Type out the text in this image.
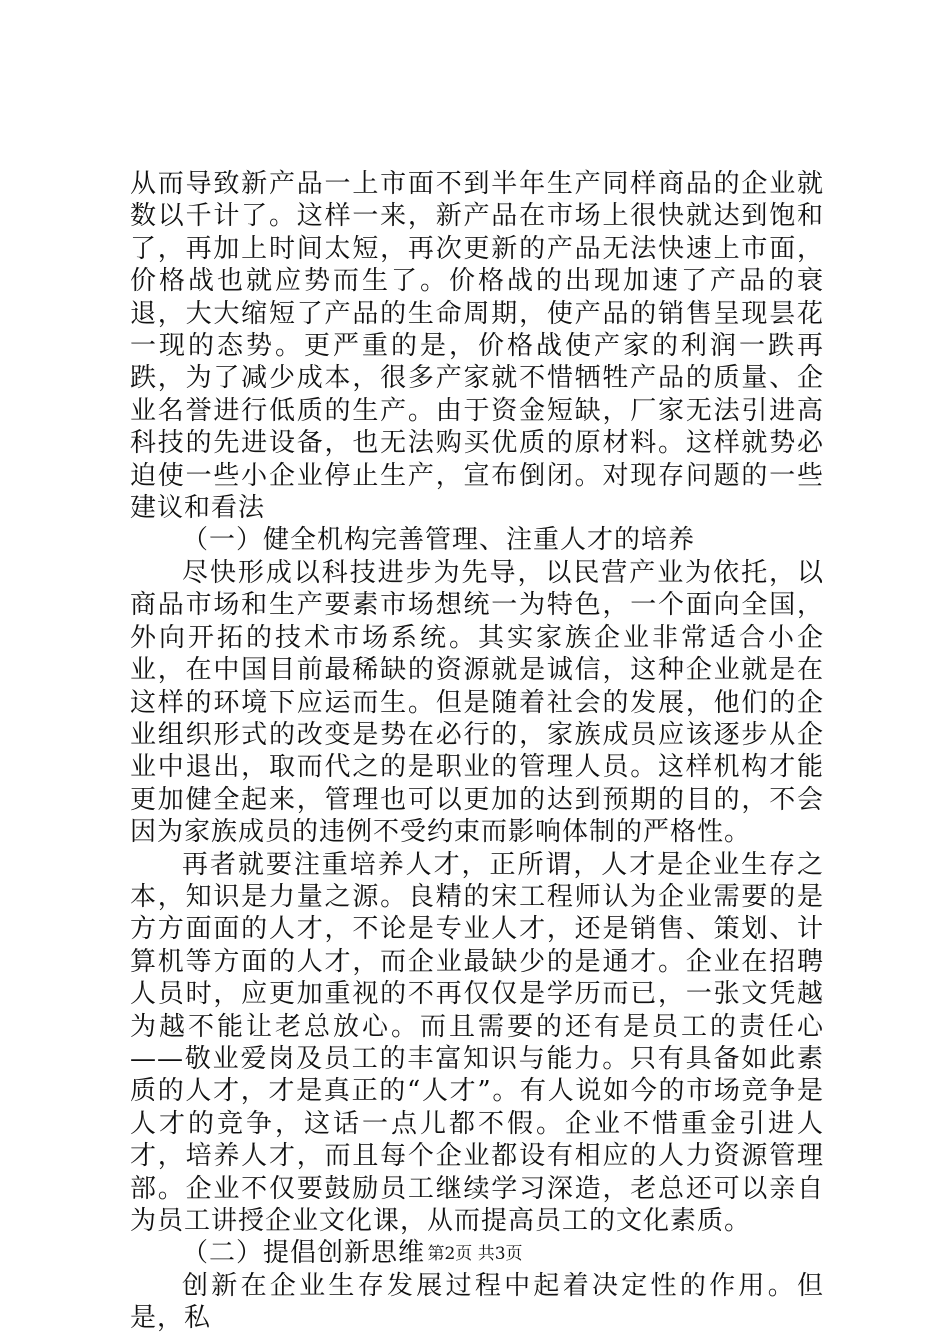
从而导致新产品一上市面不到半年生产同样商品的企业就数以千计了。这样一来，新产品在市场上很快就达到饱和了，再加上时间太短，再次更新的产品无法快速上市面，价格战也就应势而生了。价格战的出现加速了产品的衰退，大大缩短了产品的生命周期，使产品的销售呈现昙花一现的态势。更严重的是，价格战使产家的利润一跌再跌，为了减少成本，很多产家就不惜牺牲产品的质量、企业名誉进行低质的生产。由于资金短缺，厂家无法引进高科技的先进设备，也无法购买优质的原材料。这样就势必迫使一些小企业停止生产，宣布倒闭。对现存问题的一些建议和看法

（一）健全机构完善管理、注重人才的培养

尽快形成以科技进步为先导，以民营产业为依托，以商品市场和生产要素市场想统一为特色，一个面向全国，外向开拓的技术市场系统。其实家族企业非常适合小企业，在中国目前最稀缺的资源就是诚信，这种企业就是在这样的环境下应运而生。但是随着社会的发展，他们的企业组织形式的改变是势在必行的，家族成员应该逐步从企业中退出，取而代之的是职业的管理人员。这样机构才能更加健全起来，管理也可以更加的达到预期的目的，不会因为家族成员的违例不受约束而影响体制的严格性。

再者就要注重培养人才，正所谓，人才是企业生存之本，知识是力量之源。良精的宋工程师认为企业需要的是方方面面的人才，不论是专业人才，还是销售、策划、计算机等方面的人才，而企业最缺少的是通才。企业在招聘人员时，应更加重视的不再仅仅是学历而已，一张文凭越为越不能让老总放心。而且需要的还有是员工的责任心——敬业爱岗及员工的丰富知识与能力。只有具备如此素质的人才，才是真正的“人才”。有人说如今的市场竞争是人才的竞争，这话一点儿都不假。企业不惜重金引进人才，培养人才，而且每个企业都设有相应的人力资源管理部。企业不仅要鼓励员工继续学习深造，老总还可以亲自为员工讲授企业文化课，从而提高员工的文化素质。

（二）提倡创新思维

创新在企业生存发展过程中起着决定性的作用。但是，私

第2页 共3页
